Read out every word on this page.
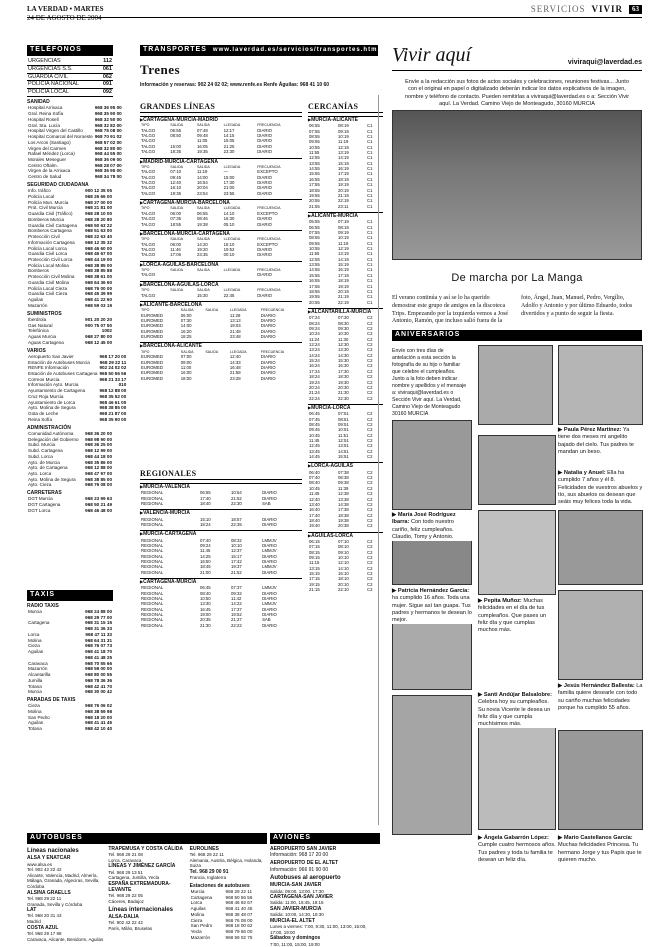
LA VERDAD • MARTES	SERVICIOS VIVIR	63
TELÉFONOS
URGENCIAS	112
URGENCIAS S.S.	061
GUARDIA CIVIL	062
POLICÍA NACIONAL	091
POLICÍA LOCAL	092
SANIDAD
Hospital Arrixaca	968 36 95 00
Gral. Reina Sofía	968 35 90 00
Hospital Rosell	968 32 50 00
Gral. Sta. Lucía	968 32 82 00
Hospital Virgen del Castillo	968 75 08 00
Hospital Comarcal del Noroeste	968 70 91 02
Los Arcos (Santiago)	968 57 02 00
Virgen del Carmen	968 32 80 00
Rafael Méndez (Lorca)	968 44 55 00
Morales Meseguer	968 36 09 00
Centro Oftalm.	968 28 07 00
Virgen de la Arrixaca	968 36 95 00
Centro de Salud	968 34 78 00
SEGURIDAD CIUDADANA
Info. tráfico	900 12 35 05
Policía Local	968 26 66 00
Policía Mun. Murcia	968 27 00 00
Prot. Civil Murcia	968 21 81 00
Guardia Civil (Tráfico)	968 28 10 00
Bomberos Murcia	968 28 20 80
Guardia Civil Cartagena	968 50 63 22
Bomberos Cartagena	968 51 63 00
Protección Civil	968 22 63 40
Información Cartagena	968 12 35 32
Policía Local Lorca	968 46 60 00
Guardia Civil Lorca	968 46 67 00
Protección Civil Lorca	968 44 19 00
Policía Local Molina	968 38 85 00
Bomberos	968 38 85 88
Protección Civil Molina	968 38 61 00
Guardia Civil Molina	968 64 36 60
Policía Local Cieza	968 76 00 00
Guardia Civil Cieza	968 45 39 99
Aguilas	968 41 22 60
Mazarrón	968 59 03 19
SUMINISTROS
Iberdrola	901 20 20 20
Gas Natural	900 75 07 50
Telefónica	1002
Aguas Murcia	968 27 80 00
Aguas Cartagena	968 12 45 00
VARIOS
Aeropuerto San Javier	968 17 20 00
Estación de Autobuses Murcia	968 29 22 11
RENFE Información	902 24 02 02
Estación de Autobuses Cartagena	968 50 56 56
Correos Murcia	968 21 33 17
Información Ayto. Murcia	010
Ayuntamiento de Cartagena	968 12 88 00
Cruz Roja Murcia	968 35 52 00
Ayuntamiento de Lorca	968 46 61 00
Ayto. Molina de Segura	968 38 85 00
Gota de Leche	968 21 87 00
Reina Sofía	968 35 90 00
ADMINISTRACIÓN
Comunidad Autónoma	968 36 20 00
Delegación del Gobierno	968 98 90 00
Subd. Murcia	968 36 25 00
Subd. Cartagena	968 12 99 00
Subd. Lorca	968 44 18 00
Ayto. de Murcia	968 35 86 00
Ayto. de Cartagena	968 12 88 00
Ayto. Lorca	968 47 97 00
Ayto. Molina de Segura	968 38 85 00
Ayto. Cieza	968 76 08 00
CARRETERAS
DGT Murcia	968 23 99 63
DGT Cartagena	968 50 21 49
DGT Lorca	968 46 48 00
TAXIS
RADIO TAXIS
Murcia	968 24 88 00
	968 29 77 00
Cartagena	968 31 15 15
	968 31 36 33
Lorca	968 47 11 33
Molina	968 64 31 31
Cieza	968 76 07 73
Aguilas	968 41 18 70
	968 41 48 25
Caravaca	968 70 55 66
Mazarrón	968 59 00 00
Alcantarilla	968 80 00 55
Jumilla	968 78 36 36
Totana	968 42 41 70
Murcia	968 30 00 42
PARADAS DE TAXIS
Cieza	968 76 06 02
Molina	968 38 59 98
San Pedro	968 18 20 00
Aguilas	968 41 41 45
Totana	968 42 10 40
TRANSPORTES www.laverdad.es/servicios/transportes.htm
Trenes
Información y reservas: 902 24 02 02; www.renfe.es Renfe Águilas: 968 41 10 60
GRANDES LÍNEAS
▶ CARTAGENA-MURCIA-MADRID
TIPO	SALIDA	SALIDA	LLEGADA	FRECUENCIA
TALGO	06:55	07:48	12:17	DIARIO
TALGO	08:50	09:48	14:15	DIARIO
TALGO		11:05	15:05	DIARIO
TALGO	15:00	16:05	21:25	DIARIO
TALGO	18:35	19:35	23:30	DIARIO
▶ MADRID-MURCIA-CARTAGENA
TIPO	SALIDA	SALIDA	LLEGADA	FRECUENCIA
TALGO	07:10	11:19	—	EXCEPTO
TALGO	09:45	14:00	15:00	DIARIO
TALGO	12:40	16:54	17:30	DIARIO
TALGO	16:10	20:04	21:00	DIARIO
TALGO	19:35	23:54	23:55	DIARIO
▶ CARTAGENA-MURCIA-BARCELONA
TIPO	SALIDA	SALIDA	LLEGADA	FRECUENCIA
TALGO	06:00	06:55	14:10	EXCEPTO
TALGO	07:35	08:46	16:30	DIARIO
TALGO	18:55	19:38	05:10	DIARIO
▶ BARCELONA-MURCIA-CARTAGENA
TIPO	SALIDA	SALIDA	LLEGADA	FRECUENCIA
TALGO	06:00	14:20	15:10	EXCEPTO
TALGO	11:46	19:20	19:52	DIARIO
TALGO	17:06	23:35	00:10	DIARIO
▶ LORCA-ÁGUILAS-BARCELONA
TIPO	SALIDA	SALIDA	LLEGADA	FRECUENCIA
TALGO				DIARIO
▶ BARCELONA-ÁGUILAS-LORCA
TIPO	SALIDA	SALIDA	LLEGADA	FRECUENCIA
TALGO		15:30	22:45	DIARIO
▶ ALICANTE-BARCELONA
TIPO	SALIDA	SALIDA	LLEGADA	FRECUENCIA
EUROMED	06:00		11:28	DIARIO
EUROMED	07:30		13:13	DIARIO
EUROMED	14:00		19:03	DIARIO
EUROMED	16:20		21:48	DIARIO
EUROMED	18:25		23:48	DIARIO
▶ BARCELONA-ALICANTE
TIPO	SALIDA	SALIDA	LLEGADA	FRECUENCIA
EUROMED	07:00		12:40	DIARIO
EUROMED	09:00		14:33	DIARIO
EUROMED	11:00		16:48	DIARIO
EUROMED	16:00		21:58	DIARIO
EUROMED	18:00		23:28	DIARIO
REGIONALES
▶ MURCIA-VALENCIA
REGIONAL	06:55	10:54	DIARIO
REGIONAL	17:40	21:52	DIARIO
REGIONAL	18:40	22:30	SAB
▶ VALENCIA-MURCIA
REGIONAL	15:10	18:57	DIARIO
REGIONAL	18:24	22:35	DIARIO
▶ MURCIA-CARTAGENA
REGIONAL	07:40	08:32	LMMJV
REGIONAL	09:24	10:10	DIARIO
REGIONAL	11:45	12:37	LMMJV
REGIONAL	14:25	15:17	DIARIO
REGIONAL	16:50	17:42	DIARIO
REGIONAL	18:45	19:37	LMMJV
REGIONAL	21:00	21:52	DIARIO
▶ CARTAGENA-MURCIA
REGIONAL	06:45	07:37	LMMJV
REGIONAL	08:40	09:32	DIARIO
REGIONAL	10:50	11:42	DIARIO
REGIONAL	13:30	14:22	LMMJV
REGIONAL	16:45	17:37	DIARIO
REGIONAL	19:00	19:52	DIARIO
REGIONAL	20:35	21:27	SAB
REGIONAL	21:30	22:22	DIARIO
CERCANÍAS
▶ MURCIA-ALICANTE
06:55	08:19	C1
07:55	09:19	C1
08:55	10:19	C1
09:55	11:19	C1
10:55	12:19	C1
11:55	13:19	C1
12:55	14:19	C1
13:55	15:19	C1
14:55	16:19	C1
15:55	17:19	C1
16:55	18:19	C1
17:55	19:19	C1
18:55	20:19	C1
19:55	21:19	C1
20:55	22:19	C1
21:55	23:11	C1
▶ ALICANTE-MURCIA
05:55	07:19	C1
06:55	08:19	C1
07:55	09:19	C1
08:55	10:19	C1
09:55	11:19	C1
10:55	12:19	C1
11:55	13:19	C1
12:55	14:19	C1
13:55	15:19	C1
14:55	16:19	C1
15:55	17:19	C1
16:55	18:19	C1
17:55	19:19	C1
18:55	20:19	C1
19:55	21:19	C1
20:55	22:19	C1
▶ ALCANTARILLA-MURCIA
07:24	07:30	C2
08:24	08:30	C2
09:24	09:30	C2
10:24	10:30	C2
11:24	11:30	C2
12:24	12:30	C2
13:24	13:30	C2
14:24	14:30	C2
15:24	15:30	C2
16:24	16:30	C2
17:24	17:30	C2
18:24	18:30	C2
19:24	19:30	C2
20:24	20:30	C2
21:24	21:30	C2
22:24	22:30	C2
▶ MURCIA-LORCA
06:45	07:51	C2
07:45	08:51	C2
08:45	09:51	C2
09:45	10:51	C2
10:45	11:51	C2
11:45	12:51	C2
12:45	13:51	C2
13:45	14:51	C2
14:45	15:51	C2
▶ LORCA-ÁGUILAS
06:40	07:38	C2
07:40	08:38	C2
08:40	09:38	C2
10:45	11:39	C2
11:45	12:38	C2
12:40	13:38	C2
13:40	14:38	C2
16:40	17:38	C2
17:40	18:38	C2
18:40	19:38	C2
19:40	20:38	C2
▶ ÁGUILAS-LORCA
06:15	07:10	C2
07:15	08:10	C2
08:15	09:10	C2
09:15	10:10	C2
11:15	12:10	C2
13:15	14:10	C2
15:15	16:10	C2
17:15	18:10	C2
19:15	20:10	C2
21:15	22:10	C2
AUTOBUSES
Líneas nacionales
ALSA Y ENATCAR
www.alsa.es
Tel. 902 42 22 42
Alicante, Valencia, Madrid, Almería, Málaga, Granada, Algeciras, Sevilla, Córdoba
ALSINA GRAELLS
Tel. 968 29 22 11
Granada, Sevilla y Córdoba
LAT
Tel. 968 20 31 43
Madrid
COSTA AZUL
Tel. 968 29 17 88
Caravaca, Alicante, Benidorm, Aguilas
TRAPEMUSA Y COSTA CÁLIDA
Tel. 968 29 21 08
Lorca, Caravaca
LÍNEAS Y JIMÉNEZ GARCÍA
Tel. 968 29 13 51
Cartagena, Jumilla, Yecla
ESPAÑA EXTREMADURA-LEVANTE
Tel. 968 29 22 05
Cáceres, Badajoz
Líneas internacionales
ALSA-DALIA
Tel. 902 42 22 42
París, Milán, Bruselas
EUROLINES
Tel. 968 29 22 11
Alemania, Austria, Bélgica, Holanda, Suiza
Tel. 968 29 00 91
Francia, Inglaterra
Estaciones de autobuses
Murcia	968 29 22 11
Cartagena	968 50 56 56
Lorca	968 46 92 67
Aguilas	968 41 40 45
Molina	968 38 48 07
Cieza	968 76 08 00
San Pedro	968 18 00 62
Yecla	968 79 56 00
Mazarrón	968 59 02 75
AVIONES
AEROPUERTO SAN JAVIER
Información: 968 17 20 00
AEROPUERTO DE EL ALTET
Información: 966 91 90 00
Autobuses al aeropuerto
MURCIA-SAN JAVIER
Salida: 09:00, 13:00, 17:30
CARTAGENA-SAN JAVIER
Salida: 11:00, 15:45, 19:15
SAN JAVIER-MURCIA
Salida: 10:00, 14:30, 18:30
MURCIA-EL ALTET
Lunes a viernes: 7:00, 9:30, 11:00, 13:00, 15:00, 17:00, 19:00
Sábados y domingos
7:00, 11:00, 15:00, 19:00
Vivir aquí	viviraqui@laverdad.es
Envíe a la redacción sus fotos de actos sociales y celebraciones, reuniones festivas... Junto con el original en papel o digitalizado deberán indicar los datos explicativos de la imagen, nombre y teléfono de contacto. Pueden remitirlas a viviraqui@laverdad.es o a: Sección Vivir aquí. La Verdad. Camino Viejo de Monteagudo, 30160 MURCIA
De marcha por La Manga
El verano continúa y así se lo ha querido demostrar este grupo de amigos en la discoteca Trips. Empezando por la izquierda vemos a José Antonio, Ramón, que incluso salió fuera de la foto, Ángel, Juan, Manuel, Pedro, Vergílio, Adolfo y Antonio y por último Eduardo, todos divertidos y a punto de seguir la fiesta.
ANIVERSARIOS
Envíe con tres días de antelación a esta sección la fotografía de su hijo o familiar que celebre el cumpleaños. Junto a la foto deben indicar nombre y apellidos y el mensaje a: viviraqui@laverdad.es o Sección Vivir aquí. La Verdad, Camino Viejo de Monteagudo 30160 MURCIA
▶ Paula Pérez Martínez: Ya tiene dos meses mi angelito bajado del cielo. Tus padres te mandan un beso.
▶ María José Rodríguez Ibarra: Con todo nuestro cariño, feliz cumpleaños. Claudio, Tomy y Antonio.
▶ Natalia y Anuel: Ella ha cumplido 7 años y él 8. Felicidades de vuestros abuelos y tío, sus abuelos os desean que seáis muy felices toda la vida.
▶ Patricia Hernández García: ha cumplido 16 años. Toda una mujer. Sigue así tan guapa. Tus padres y hermanos te desean lo mejor.
▶ Pepita Muñoz: Muchas felicidades en el día de tus cumpleaños. Que pases un feliz día y que cumplas muchos más.
▶ Santi Andújar Balsalobre: Celebra hoy su cumpleaños. Su novia Vicente le desea un feliz día y que cumpla muchísimos más.
▶ Jesús Hernández Ballesta: La familia quiere desearle con todo su cariño muchas felicidades porque ha cumplido 55 años.
▶ Ángela Gabarrón López: Cumple cuatro hermosos años. Tus padres y toda tu familia te desean un feliz día.
▶ Mario Castellanos García: Muchas felicidades Princesa. Tu hermano Jorge y tus Papis que te quieren mucho.
